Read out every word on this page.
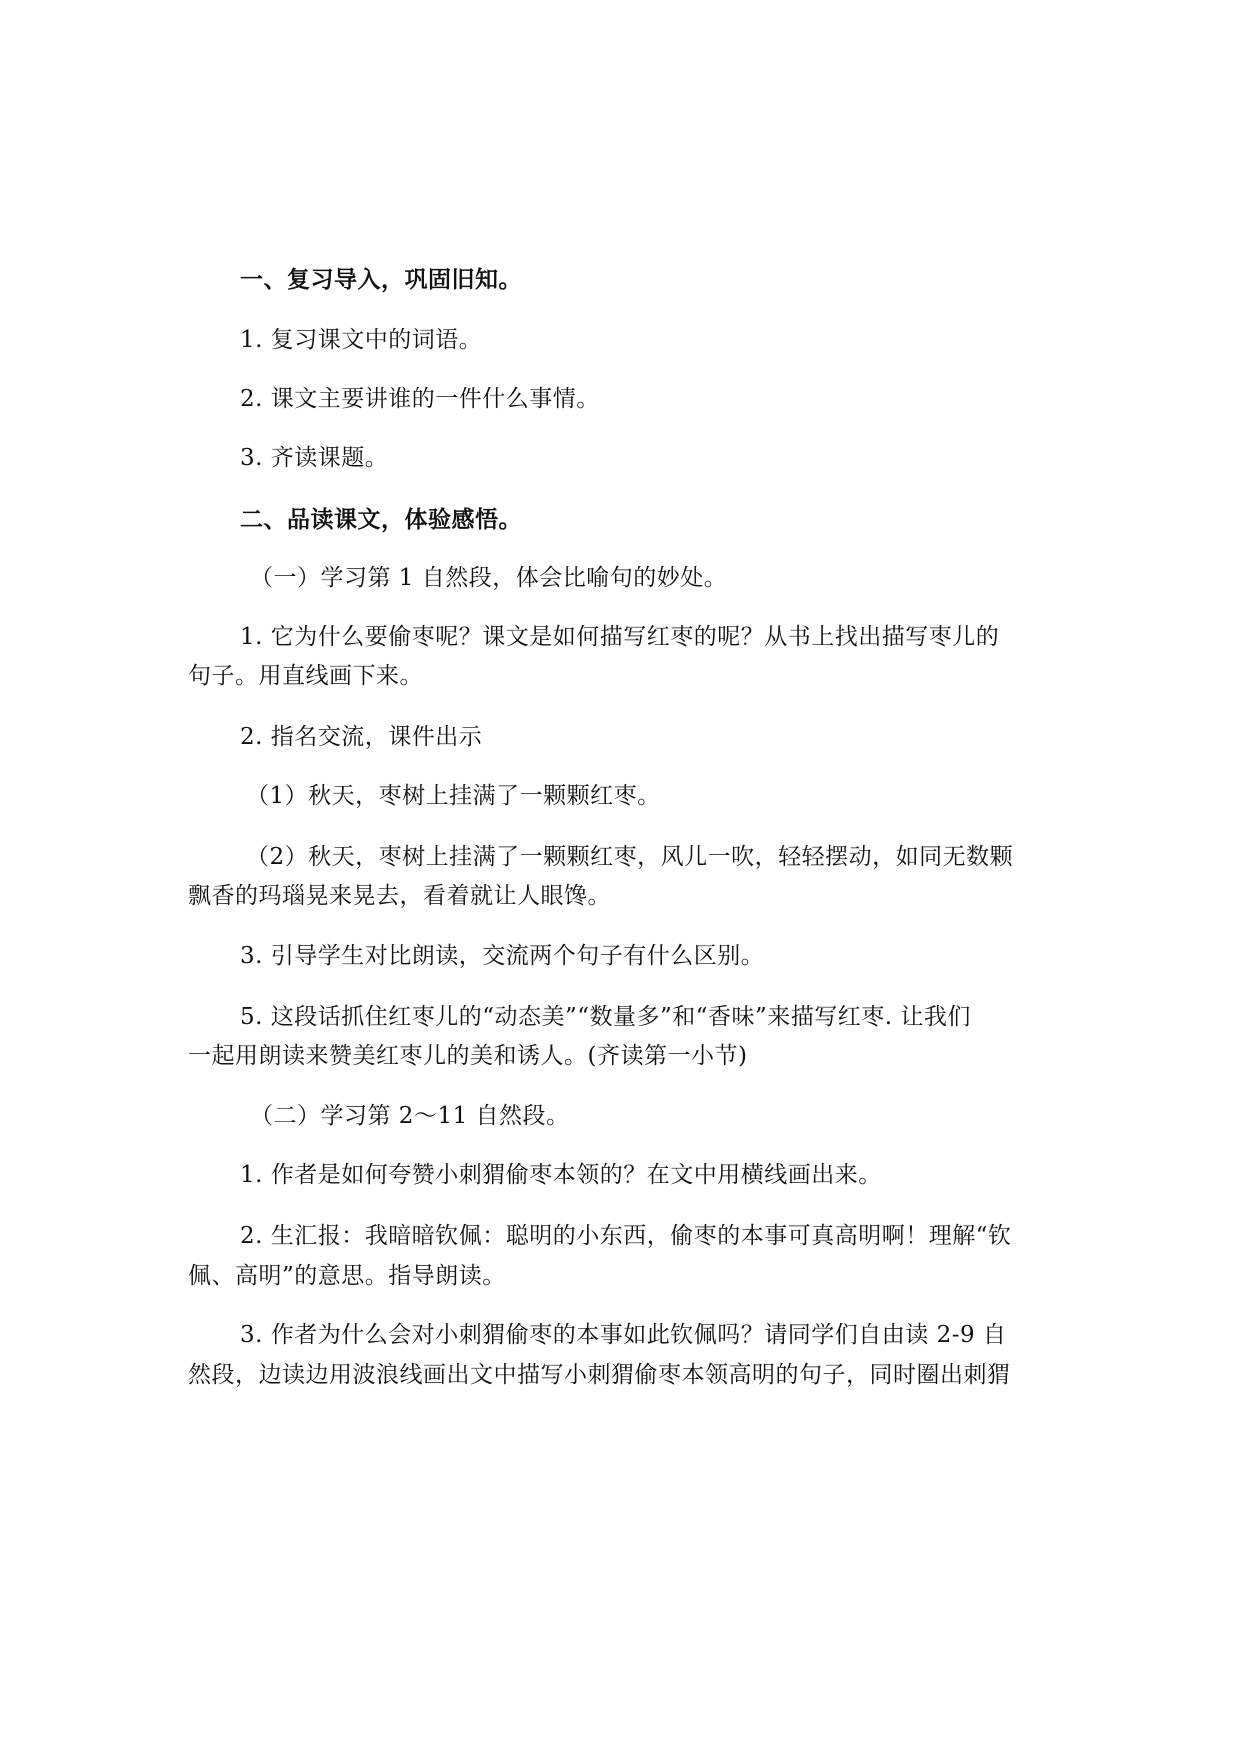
一、复习导入，巩固旧知。

1. 复习课文中的词语。

2. 课文主要讲谁的一件什么事情。

3. 齐读课题。

二、品读课文，体验感悟。

（一）学习第 1 自然段，体会比喻句的妙处。

1. 它为什么要偷枣呢？课文是如何描写红枣的呢？从书上找出描写枣儿的

句子。用直线画下来。

2. 指名交流，课件出示

（1）秋天，枣树上挂满了一颗颗红枣。

（2）秋天，枣树上挂满了一颗颗红枣，风儿一吹，轻轻摆动，如同无数颗

飘香的玛瑙晃来晃去，看着就让人眼馋。

3. 引导学生对比朗读，交流两个句子有什么区别。

5. 这段话抓住红枣儿的“动态美”“数量多”和“香味”来描写红枣. 让我们

一起用朗读来赞美红枣儿的美和诱人。(齐读第一小节)

（二）学习第 2～11 自然段。

1. 作者是如何夸赞小刺猬偷枣本领的？在文中用横线画出来。

2. 生汇报：我暗暗钦佩：聪明的小东西，偷枣的本事可真高明啊！理解“钦

佩、高明”的意思。指导朗读。

3. 作者为什么会对小刺猬偷枣的本事如此钦佩吗？请同学们自由读 2-9 自

然段，边读边用波浪线画出文中描写小刺猬偷枣本领高明的句子，同时圈出刺猬
